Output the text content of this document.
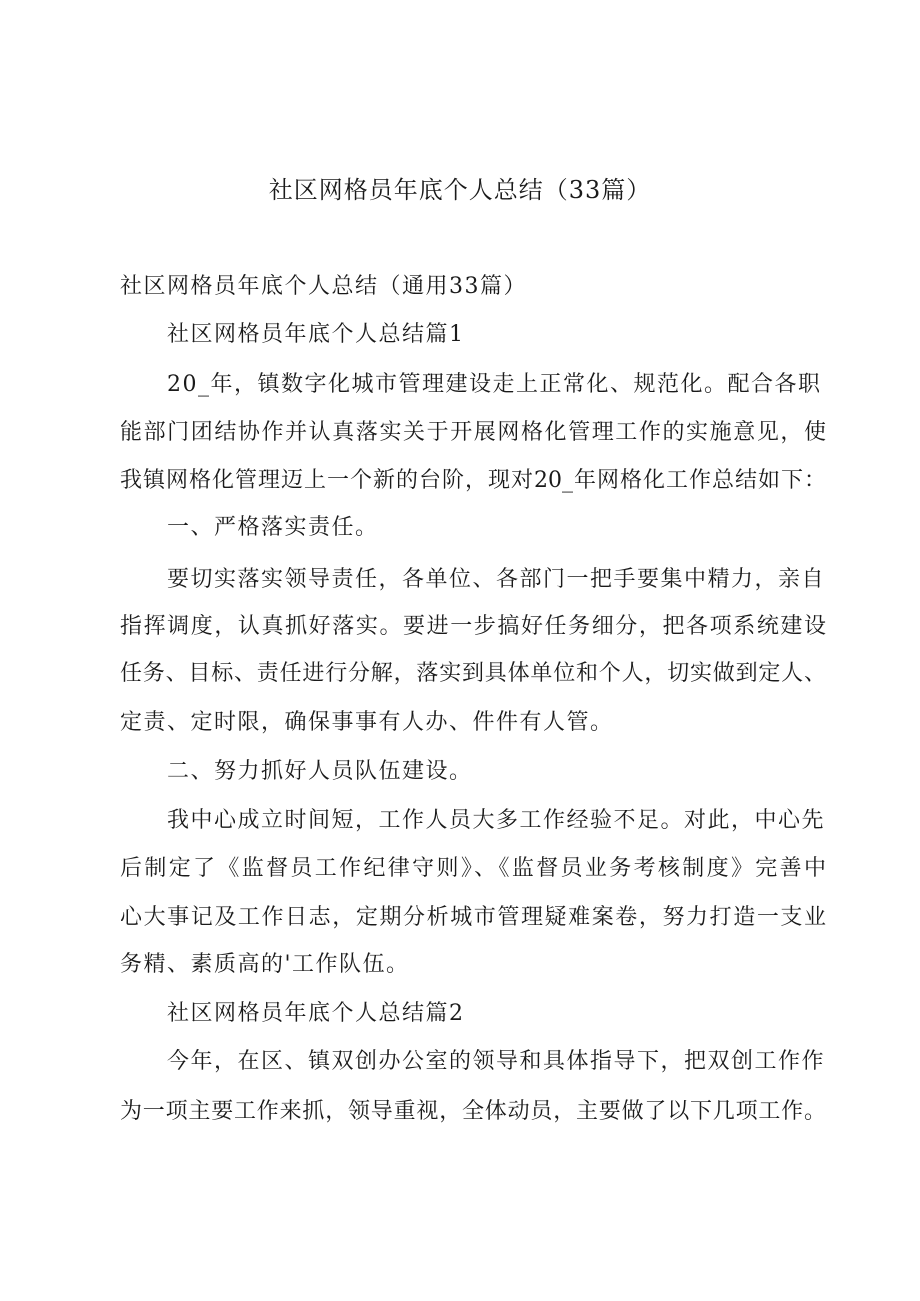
社区网格员年底个人总结（33篇）
社区网格员年底个人总结（通用33篇）
社区网格员年底个人总结篇1
20_年，镇数字化城市管理建设走上正常化、规范化。配合各职
能部门团结协作并认真落实关于开展网格化管理工作的实施意见，使
我镇网格化管理迈上一个新的台阶，现对20_年网格化工作总结如下：
一、严格落实责任。
要切实落实领导责任，各单位、各部门一把手要集中精力，亲自
指挥调度，认真抓好落实。要进一步搞好任务细分，把各项系统建设
任务、目标、责任进行分解，落实到具体单位和个人，切实做到定人、
定责、定时限，确保事事有人办、件件有人管。
二、努力抓好人员队伍建设。
我中心成立时间短，工作人员大多工作经验不足。对此，中心先
后制定了《监督员工作纪律守则》、《监督员业务考核制度》完善中
心大事记及工作日志，定期分析城市管理疑难案卷，努力打造一支业
务精、素质高的'工作队伍。
社区网格员年底个人总结篇2
今年，在区、镇双创办公室的领导和具体指导下，把双创工作作
为一项主要工作来抓，领导重视，全体动员，主要做了以下几项工作。
